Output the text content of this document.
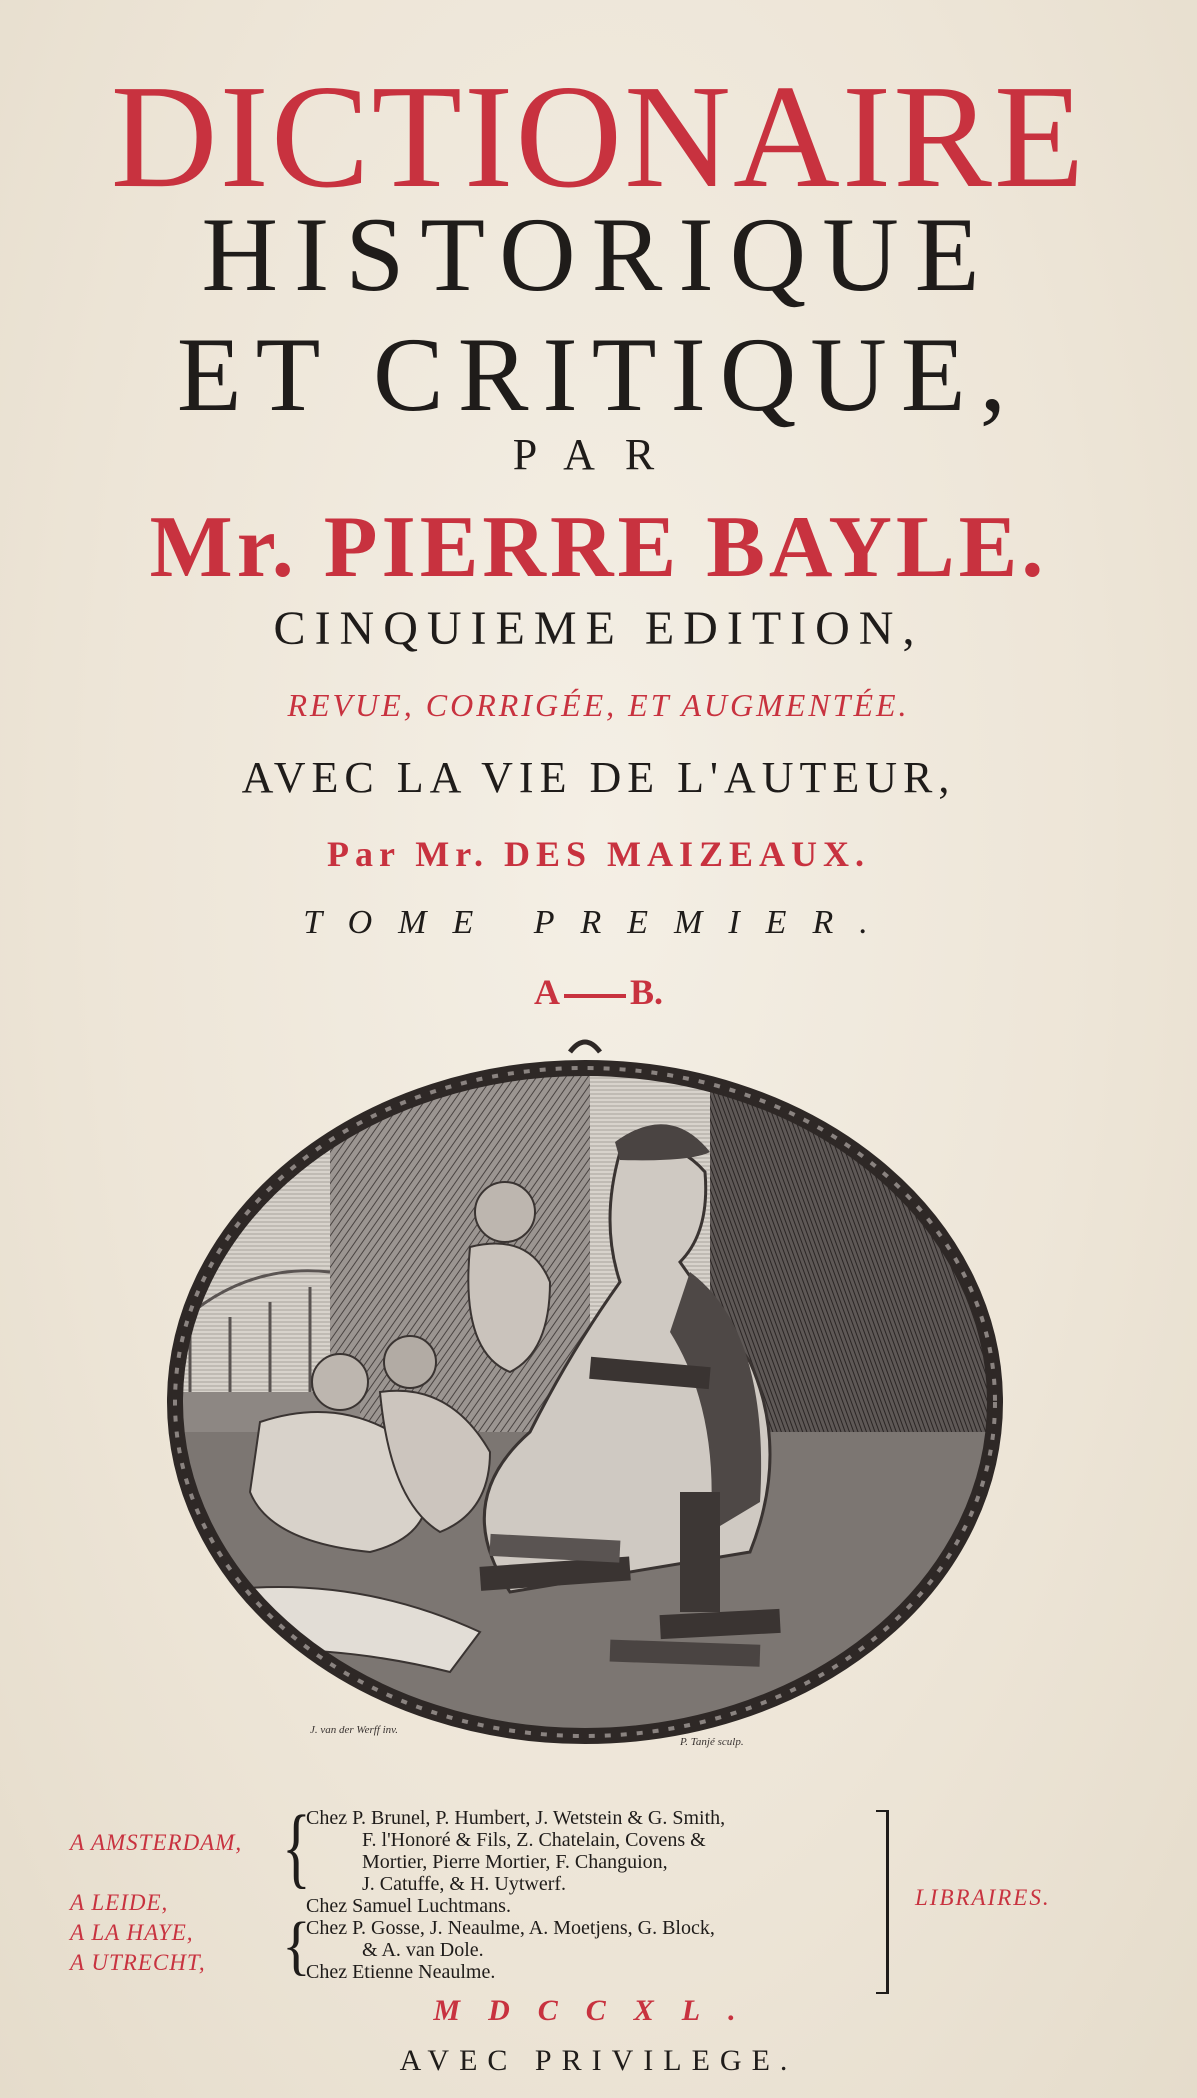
DICTIONAIRE
HISTORIQUE
ET CRITIQUE,
PAR
Mr. PIERRE BAYLE.
CINQUIEME EDITION,
REVUE, CORRIGÉE, ET AUGMENTÉE.
AVEC LA VIE DE L'AUTEUR,
Par Mr. DES MAIZEAUX.
TOME PREMIER.
A B.
J. van der Werff inv.
P. Tanjé sculp.
A AMSTERDAM,
A LEIDE,
A LA HAYE,
A UTRECHT,
{
{
Chez P. Brunel, P. Humbert, J. Wetstein & G. Smith,
F. l'Honoré & Fils, Z. Chatelain, Covens &
Mortier, Pierre Mortier, F. Changuion,
J. Catuffe, & H. Uytwerf.
Chez Samuel Luchtmans.
Chez P. Gosse, J. Neaulme, A. Moetjens, G. Block,
& A. van Dole.
Chez Etienne Neaulme.
LIBRAIRES.
MDCCXL.
AVEC PRIVILEGE.
